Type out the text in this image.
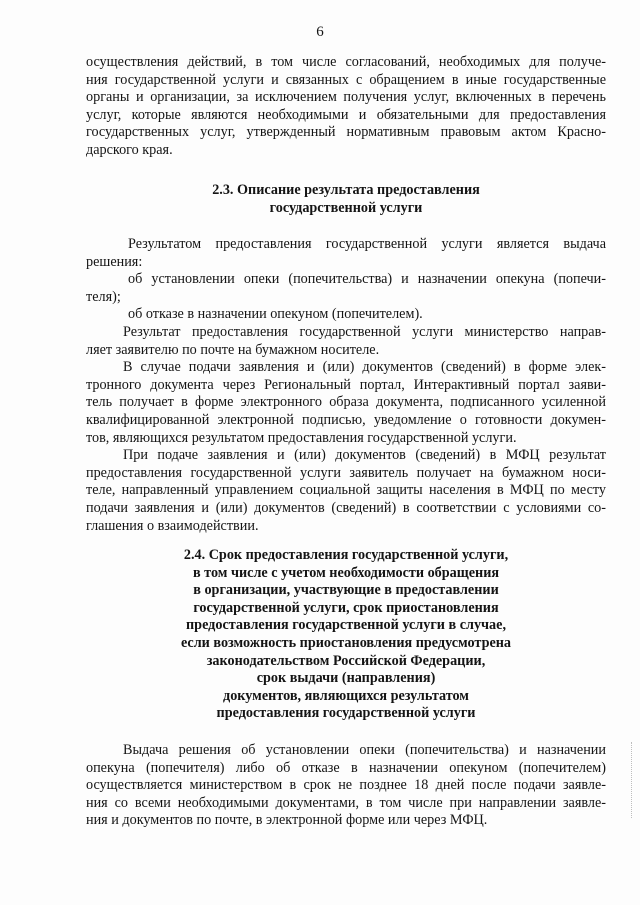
6
осуществления действий, в том числе согласований, необходимых для получе-
ния государственной услуги и связанных с обращением в иные государственные
органы и организации, за исключением получения услуг, включенных в перечень
услуг, которые являются необходимыми и обязательными для предоставления
государственных услуг, утвержденный нормативным правовым актом Красно-
дарского края.
2.3. Описание результата предоставления
государственной услуги
Результатом предоставления государственной услуги является выдача
решения:
об установлении опеки (попечительства) и назначении опекуна (попечи-
теля);
об отказе в назначении опекуном (попечителем).
Результат предоставления государственной услуги министерство направ-
ляет заявителю по почте на бумажном носителе.
В случае подачи заявления и (или) документов (сведений) в форме элек-
тронного документа через Региональный портал, Интерактивный портал заяви-
тель получает в форме электронного образа документа, подписанного усиленной
квалифицированной электронной подписью, уведомление о готовности докумен-
тов, являющихся результатом предоставления государственной услуги.
При подаче заявления и (или) документов (сведений) в МФЦ результат
предоставления государственной услуги заявитель получает на бумажном носи-
теле, направленный управлением социальной защиты населения в МФЦ по месту
подачи заявления и (или) документов (сведений) в соответствии с условиями со-
глашения о взаимодействии.
2.4. Срок предоставления государственной услуги,
в том числе с учетом необходимости обращения
в организации, участвующие в предоставлении
государственной услуги, срок приостановления
предоставления государственной услуги в случае,
если возможность приостановления предусмотрена
законодательством Российской Федерации,
срок выдачи (направления)
документов, являющихся результатом
предоставления государственной услуги
Выдача решения об установлении опеки (попечительства) и назначении
опекуна (попечителя) либо об отказе в назначении опекуном (попечителем)
осуществляется министерством в срок не позднее 18 дней после подачи заявле-
ния со всеми необходимыми документами, в том числе при направлении заявле-
ния и документов по почте, в электронной форме или через МФЦ.
